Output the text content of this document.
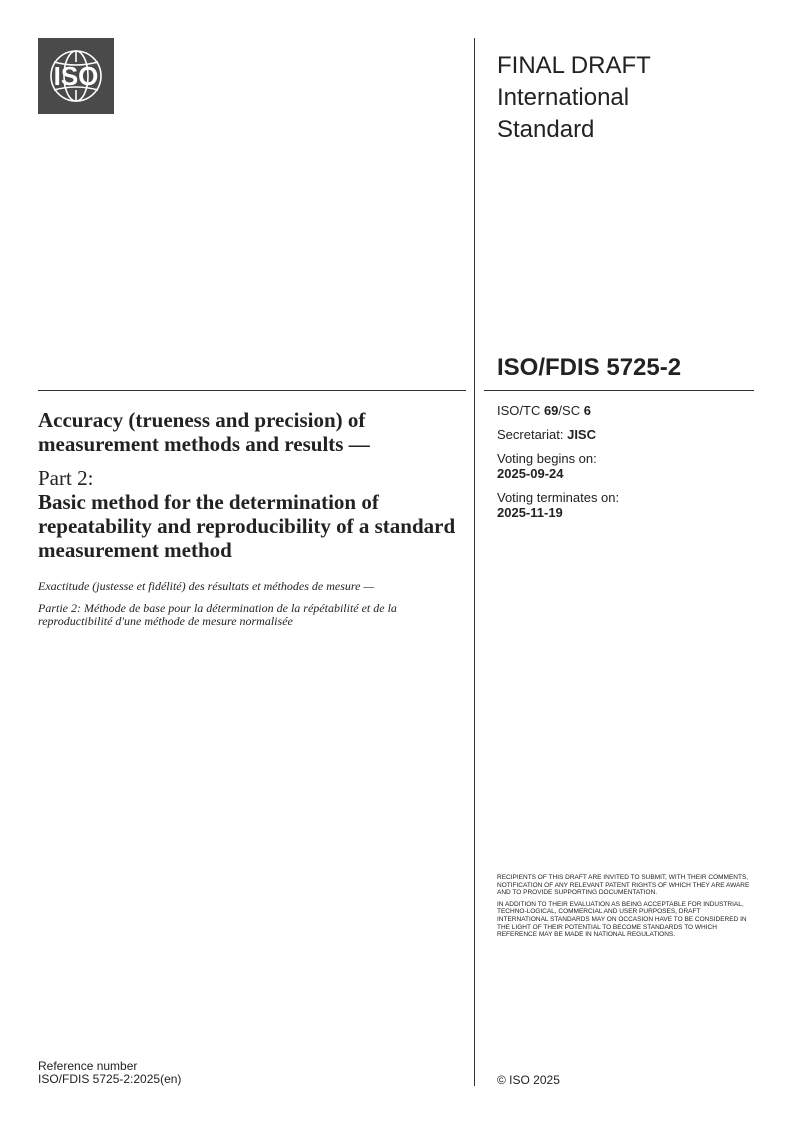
ISO	FINAL DRAFT
International
Standard
ISO/FDIS 5725-2
ISO/TC 69/SC 6
Secretariat: JISC
Voting begins on:
2025-09-24
Voting terminates on:
2025-11-19
Accuracy (trueness and precision) of measurement methods and results —
Part 2:
Basic method for the determination of repeatability and reproducibility of a standard measurement method
Exactitude (justesse et fidélité) des résultats et méthodes de mesure —
Partie 2: Méthode de base pour la détermination de la répétabilité et de la reproductibilité d'une méthode de mesure normalisée

RECIPIENTS OF THIS DRAFT ARE INVITED TO SUBMIT, WITH THEIR COMMENTS, NOTIFICATION OF ANY RELEVANT PATENT RIGHTS OF WHICH THEY ARE AWARE AND TO PROVIDE SUPPORTING DOCUMENTATION.

IN ADDITION TO THEIR EVALUATION AS BEING ACCEPTABLE FOR INDUSTRIAL, TECHNO-LOGICAL, COMMERCIAL AND USER PURPOSES, DRAFT INTERNATIONAL STANDARDS MAY ON OCCASION HAVE TO BE CONSIDERED IN THE LIGHT OF THEIR POTENTIAL TO BECOME STANDARDS TO WHICH REFERENCE MAY BE MADE IN NATIONAL REGULATIONS.

Reference number
ISO/FDIS 5725-2:2025(en)	© ISO 2025
